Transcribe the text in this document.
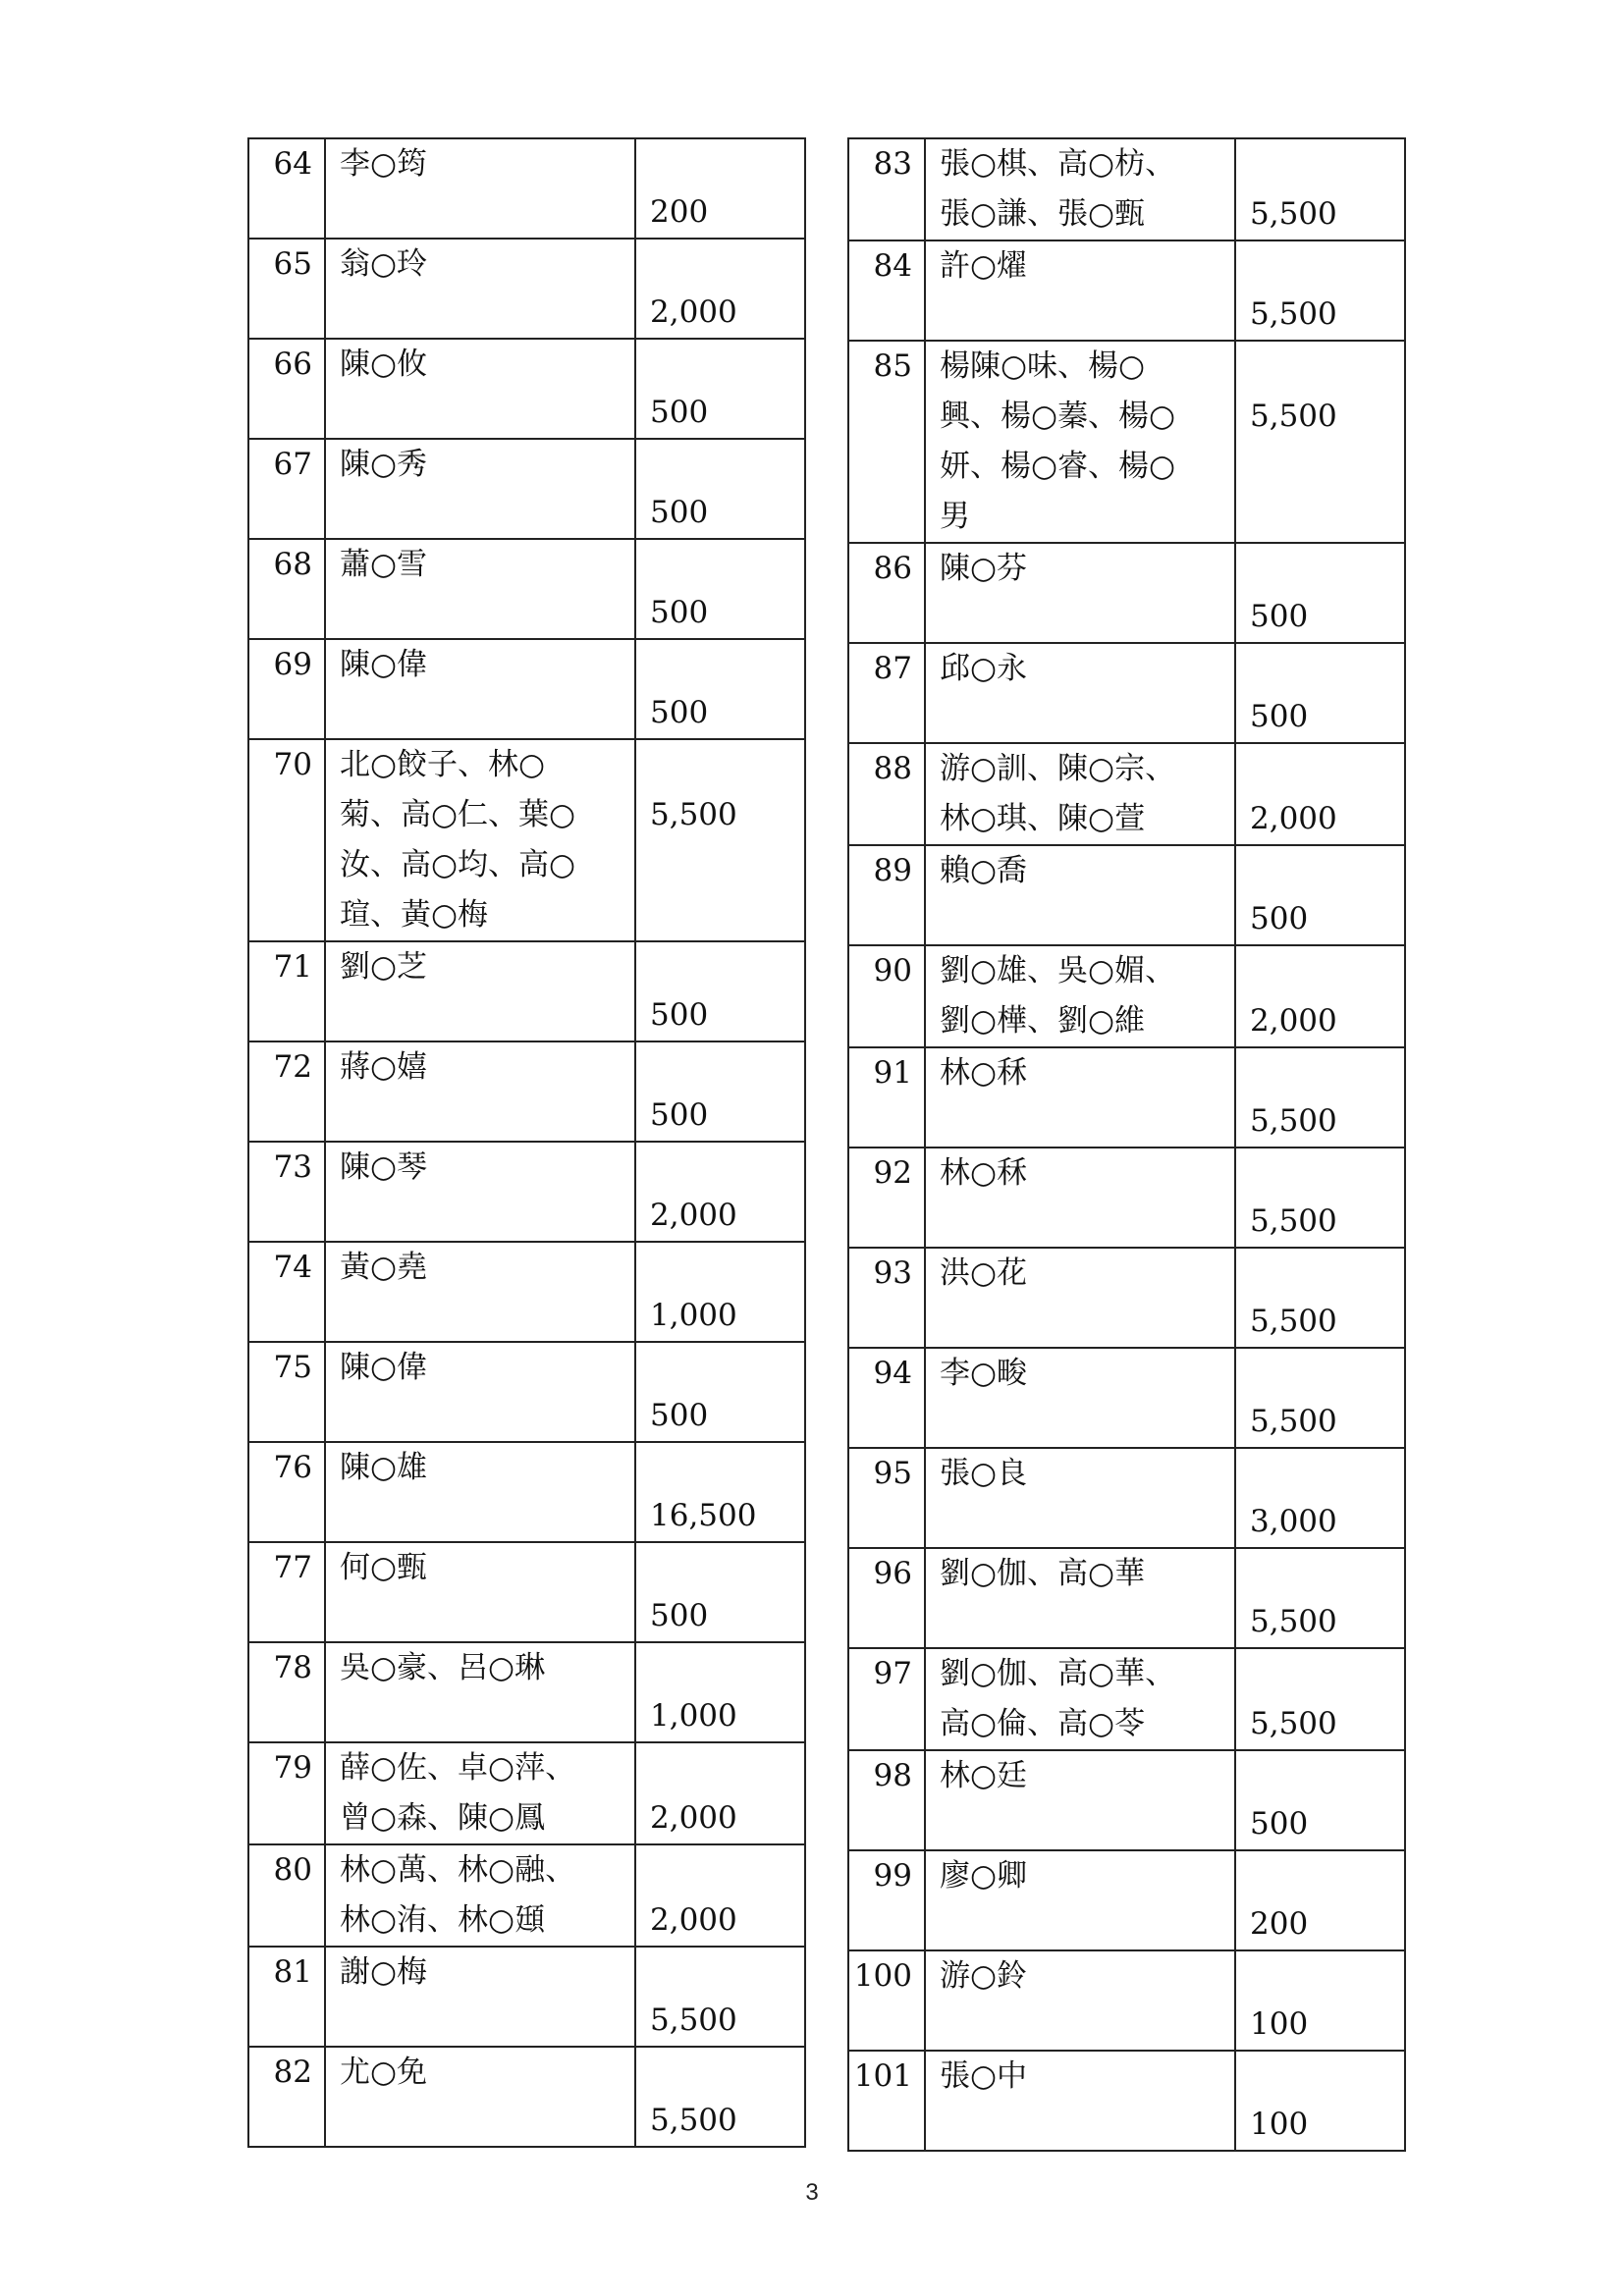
64	李○筠	200
65	翁○玲	2,000
66	陳○攸	500
67	陳○秀	500
68	蕭○雪	500
69	陳○偉	500
70	北○餃子、林○
菊、高○仁、葉○
汝、高○均、高○
瑄、黃○梅	5,500
71	劉○芝	500
72	蔣○嬉	500
73	陳○琴	2,000
74	黃○堯	1,000
75	陳○偉	500
76	陳○雄	16,500
77	何○甄	500
78	吳○豪、呂○琳	1,000
79	薛○佐、卓○萍、
曾○森、陳○鳳	2,000
80	林○萬、林○融、
林○洧、林○頲	2,000
81	謝○梅	5,500
82	尤○免	5,500
83	張○棋、高○枋、
張○謙、張○甄	5,500
84	許○燿	5,500
85	楊陳○味、楊○
興、楊○蓁、楊○
妍、楊○睿、楊○
男	5,500
86	陳○芬	500
87	邱○永	500
88	游○訓、陳○宗、
林○琪、陳○萱	2,000
89	賴○喬	500
90	劉○雄、吳○媚、
劉○樺、劉○維	2,000
91	林○秝	5,500
92	林○秝	5,500
93	洪○花	5,500
94	李○畯	5,500
95	張○良	3,000
96	劉○伽、高○華	5,500
97	劉○伽、高○華、
高○倫、高○苓	5,500
98	林○廷	500
99	廖○卿	200
100	游○鈴	100
101	張○中	100
3
